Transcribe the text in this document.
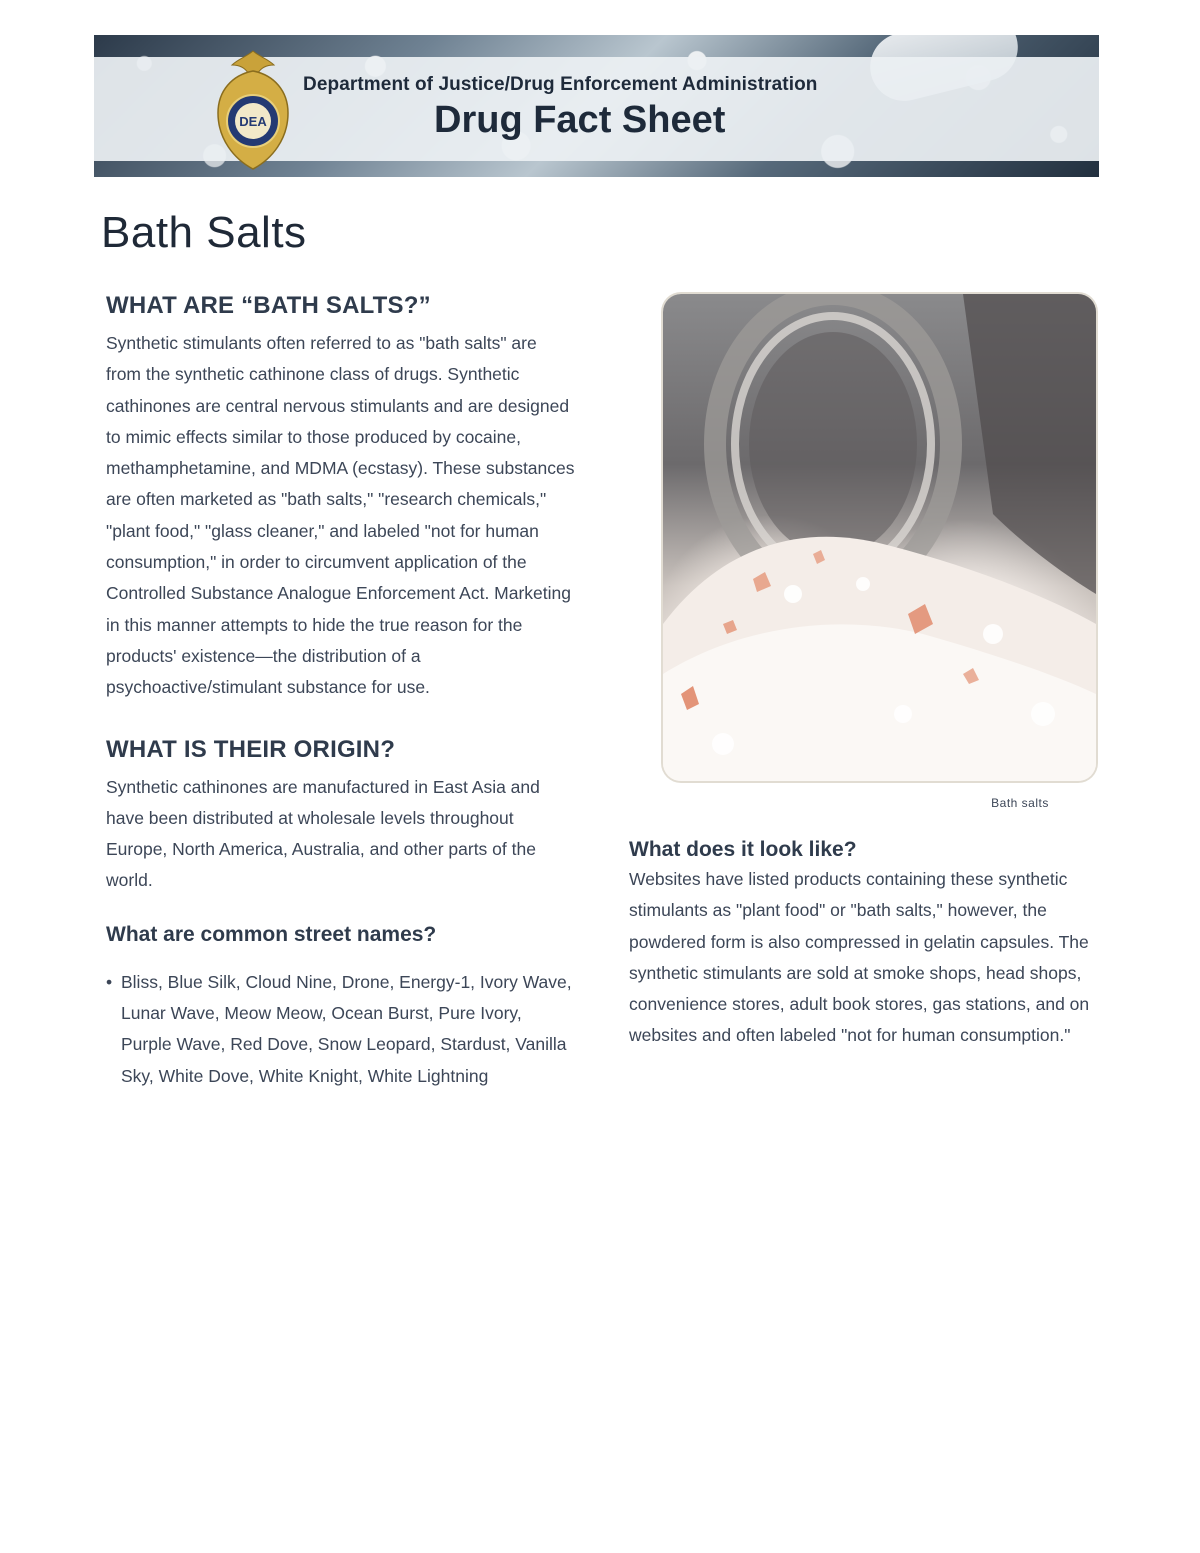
DEA
Department of Justice/Drug Enforcement Administration
Drug Fact Sheet
Bath Salts
WHAT ARE “BATH SALTS?”

Synthetic stimulants often referred to as "bath salts" are from the synthetic cathinone class of drugs. Synthetic cathinones are central nervous stimulants and are designed to mimic effects similar to those produced by cocaine, methamphetamine, and MDMA (ecstasy). These substances are often marketed as "bath salts," "research chemicals," "plant food," "glass cleaner," and labeled "not for human consumption," in order to circumvent application of the Controlled Substance Analogue Enforcement Act. Marketing in this manner attempts to hide the true reason for the products' existence—the distribution of a psychoactive/stimulant substance for use.

WHAT IS THEIR ORIGIN?

Synthetic cathinones are manufactured in East Asia and have been distributed at wholesale levels throughout Europe, North America, Australia, and other parts of the world.

What are common street names?
• Bliss, Blue Silk, Cloud Nine, Drone, Energy-1, Ivory Wave, Lunar Wave, Meow Meow, Ocean Burst, Pure Ivory, Purple Wave, Red Dove, Snow Leopard, Stardust, Vanilla Sky, White Dove, White Knight, White Lightning
Bath salts
What does it look like?

Websites have listed products containing these synthetic stimulants as "plant food" or "bath salts," however, the powdered form is also compressed in gelatin capsules. The synthetic stimulants are sold at smoke shops, head shops, convenience stores, adult book stores, gas stations, and on websites and often labeled "not for human consumption."
